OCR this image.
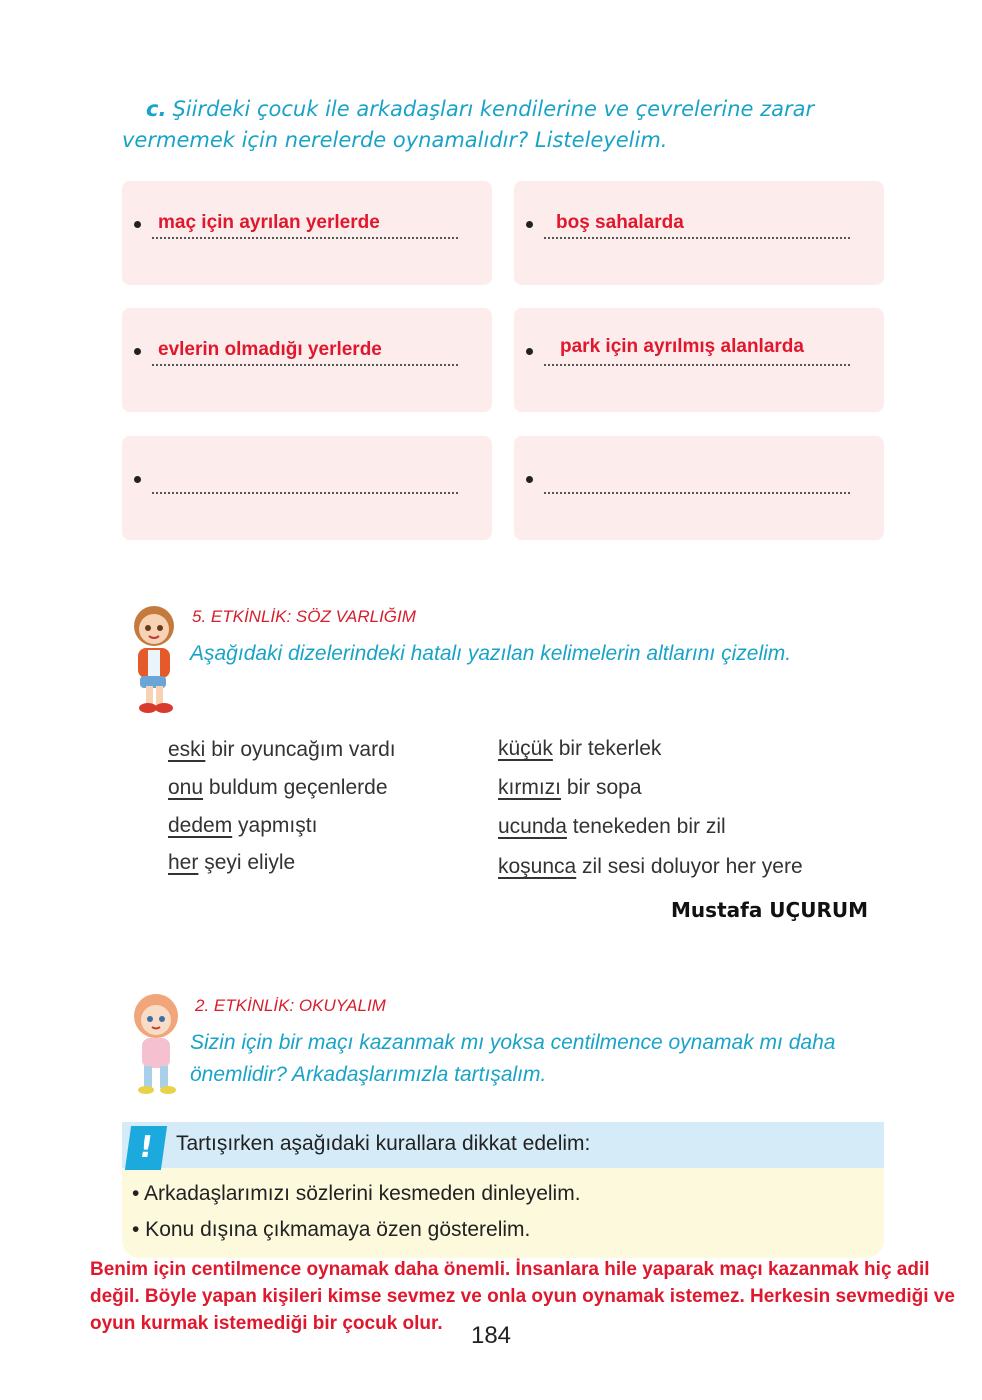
c. Şiirdeki çocuk ile arkadaşları kendilerine ve çevrelerine zarar vermemek için nerelerde oynamalıdır? Listeleyelim.
maç için ayrılan yerlerde	boş sahalarda
evlerin olmadığı yerlerde	park için ayrılmış alanlarda
5. ETKİNLİK: SÖZ VARLIĞIM
Aşağıdaki dizelerindeki hatalı yazılan kelimelerin altlarını çizelim.
eski bir oyuncağım vardı
onu buldum geçenlerde
dedem yapmıştı
her şeyi eliyle
küçük bir tekerlek
kırmızı bir sopa
ucunda tenekeden bir zil
koşunca zil sesi doluyor her yere
Mustafa UÇURUM
2. ETKİNLİK: OKUYALIM
Sizin için bir maçı kazanmak mı yoksa centilmence oynamak mı daha önemlidir? Arkadaşlarımızla tartışalım.
! Tartışırken aşağıdaki kurallara dikkat edelim:
• Arkadaşlarımızı sözlerini kesmeden dinleyelim.
• Konu dışına çıkmamaya özen gösterelim.
Benim için centilmence oynamak daha önemli. İnsanlara hile yaparak maçı kazanmak hiç adil değil. Böyle yapan kişileri kimse sevmez ve onla oyun oynamak istemez. Herkesin sevmediği ve oyun kurmak istemediği bir çocuk olur.	184
